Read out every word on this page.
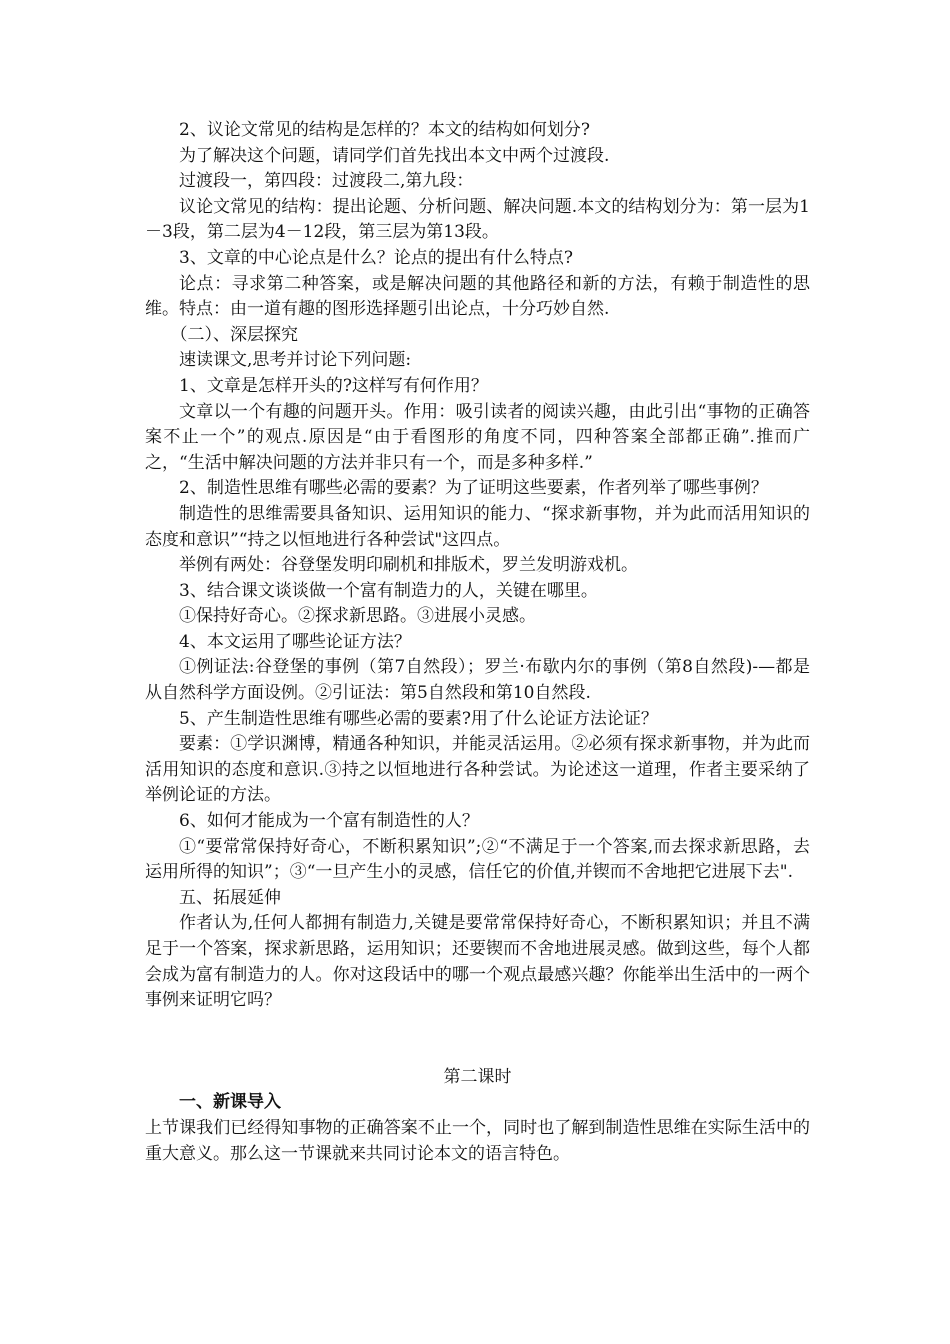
2、议论文常见的结构是怎样的？本文的结构如何划分?

为了解决这个问题，请同学们首先找出本文中两个过渡段.

过渡段一，第四段：过渡段二,第九段：

议论文常见的结构：提出论题、分析问题、解决问题.本文的结构划分为：第一层为1－3段，第二层为4－12段，第三层为第13段。

3、文章的中心论点是什么？论点的提出有什么特点?

论点：寻求第二种答案，或是解决问题的其他路径和新的方法，有赖于制造性的思维。特点：由一道有趣的图形选择题引出论点，十分巧妙自然.

（二）、深层探究

速读课文,思考并讨论下列问题:

1、文章是怎样开头的?这样写有何作用？

文章以一个有趣的问题开头。作用：吸引读者的阅读兴趣，由此引出“事物的正确答案不止一个”的观点.原因是“由于看图形的角度不同，四种答案全部都正确”.推而广之，“生活中解决问题的方法并非只有一个，而是多种多样.”

2、制造性思维有哪些必需的要素？为了证明这些要素，作者列举了哪些事例？

制造性的思维需要具备知识、运用知识的能力、“探求新事物，并为此而活用知识的态度和意识”“持之以恒地进行各种尝试"这四点。

举例有两处：谷登堡发明印刷机和排版术，罗兰发明游戏机。

3、结合课文谈谈做一个富有制造力的人，关键在哪里。

①保持好奇心。②探求新思路。③进展小灵感。

4、本文运用了哪些论证方法？

①例证法:谷登堡的事例（第7自然段）；罗兰·布歇内尔的事例（第8自然段)-—都是从自然科学方面设例。②引证法：第5自然段和第10自然段.

5、产生制造性思维有哪些必需的要素?用了什么论证方法论证？

要素：①学识渊博，精通各种知识，并能灵活运用。②必须有探求新事物，并为此而活用知识的态度和意识.③持之以恒地进行各种尝试。为论述这一道理，作者主要采纳了举例论证的方法。

6、如何才能成为一个富有制造性的人？

①“要常常保持好奇心，不断积累知识”;②“不满足于一个答案,而去探求新思路，去运用所得的知识”；③“一旦产生小的灵感，信任它的价值,并锲而不舍地把它进展下去".

五、拓展延伸

作者认为,任何人都拥有制造力,关键是要常常保持好奇心，不断积累知识；并且不满足于一个答案，探求新思路，运用知识；还要锲而不舍地进展灵感。做到这些，每个人都会成为富有制造力的人。你对这段话中的哪一个观点最感兴趣？你能举出生活中的一两个事例来证明它吗？

第二课时

一、新课导入

上节课我们已经得知事物的正确答案不止一个，同时也了解到制造性思维在实际生活中的重大意义。那么这一节课就来共同讨论本文的语言特色。
